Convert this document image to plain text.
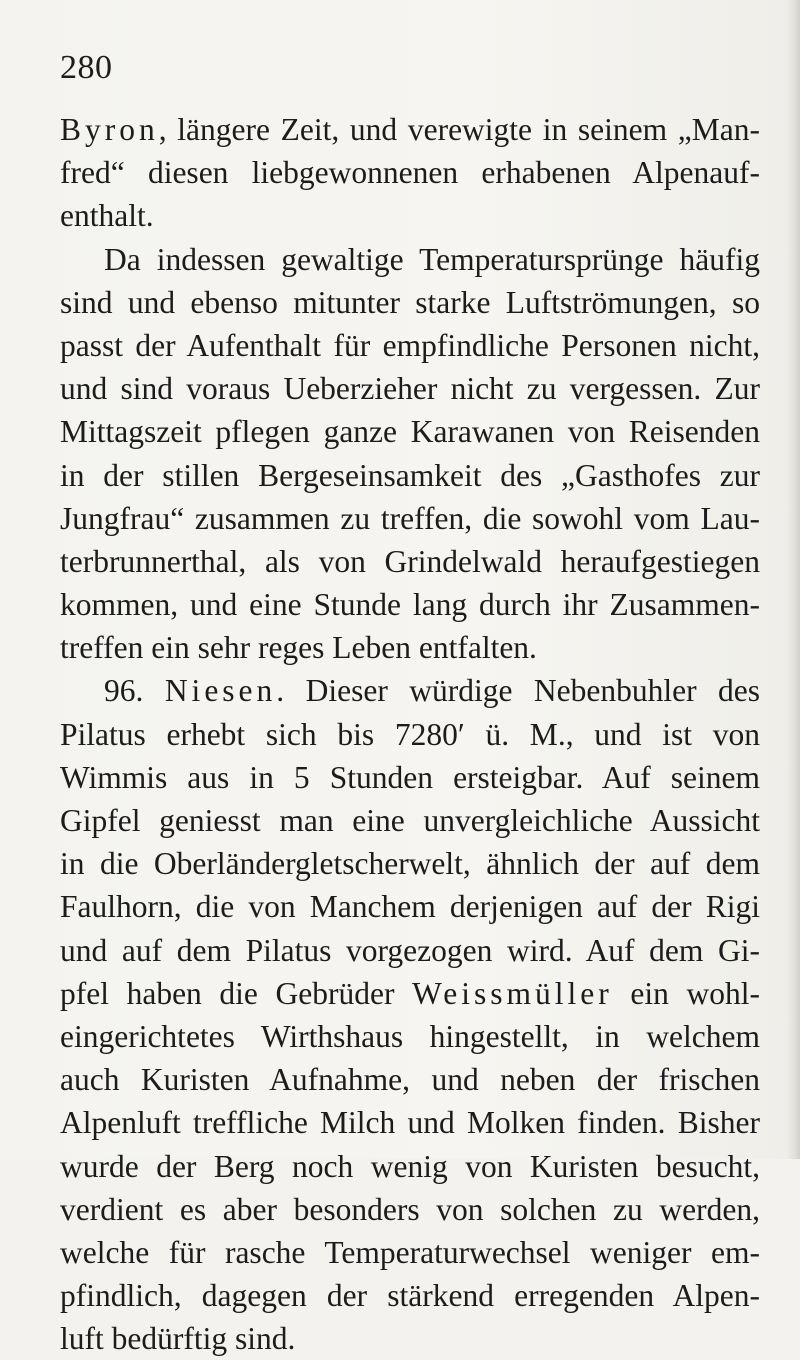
280
Byron, längere Zeit, und verewigte in seinem „Man-
fred“ diesen liebgewonnenen erhabenen Alpenauf-
enthalt.
Da indessen gewaltige Temperatursprünge häufig
sind und ebenso mitunter starke Luftströmungen, so
passt der Aufenthalt für empfindliche Personen nicht,
und sind voraus Ueberzieher nicht zu vergessen. Zur
Mittagszeit pflegen ganze Karawanen von Reisenden
in der stillen Bergeseinsamkeit des „Gasthofes zur
Jungfrau“ zusammen zu treffen, die sowohl vom Lau-
terbrunnerthal, als von Grindelwald heraufgestiegen
kommen, und eine Stunde lang durch ihr Zusammen-
treffen ein sehr reges Leben entfalten.
96. Niesen. Dieser würdige Nebenbuhler des
Pilatus erhebt sich bis 7280′ ü. M., und ist von
Wimmis aus in 5 Stunden ersteigbar. Auf seinem
Gipfel geniesst man eine unvergleichliche Aussicht
in die Oberländergletscherwelt, ähnlich der auf dem
Faulhorn, die von Manchem derjenigen auf der Rigi
und auf dem Pilatus vorgezogen wird. Auf dem Gi-
pfel haben die Gebrüder Weissmüller ein wohl-
eingerichtetes Wirthshaus hingestellt, in welchem
auch Kuristen Aufnahme, und neben der frischen
Alpenluft treffliche Milch und Molken finden. Bisher
wurde der Berg noch wenig von Kuristen besucht,
verdient es aber besonders von solchen zu werden,
welche für rasche Temperaturwechsel weniger em-
pfindlich, dagegen der stärkend erregenden Alpen-
luft bedürftig sind.
